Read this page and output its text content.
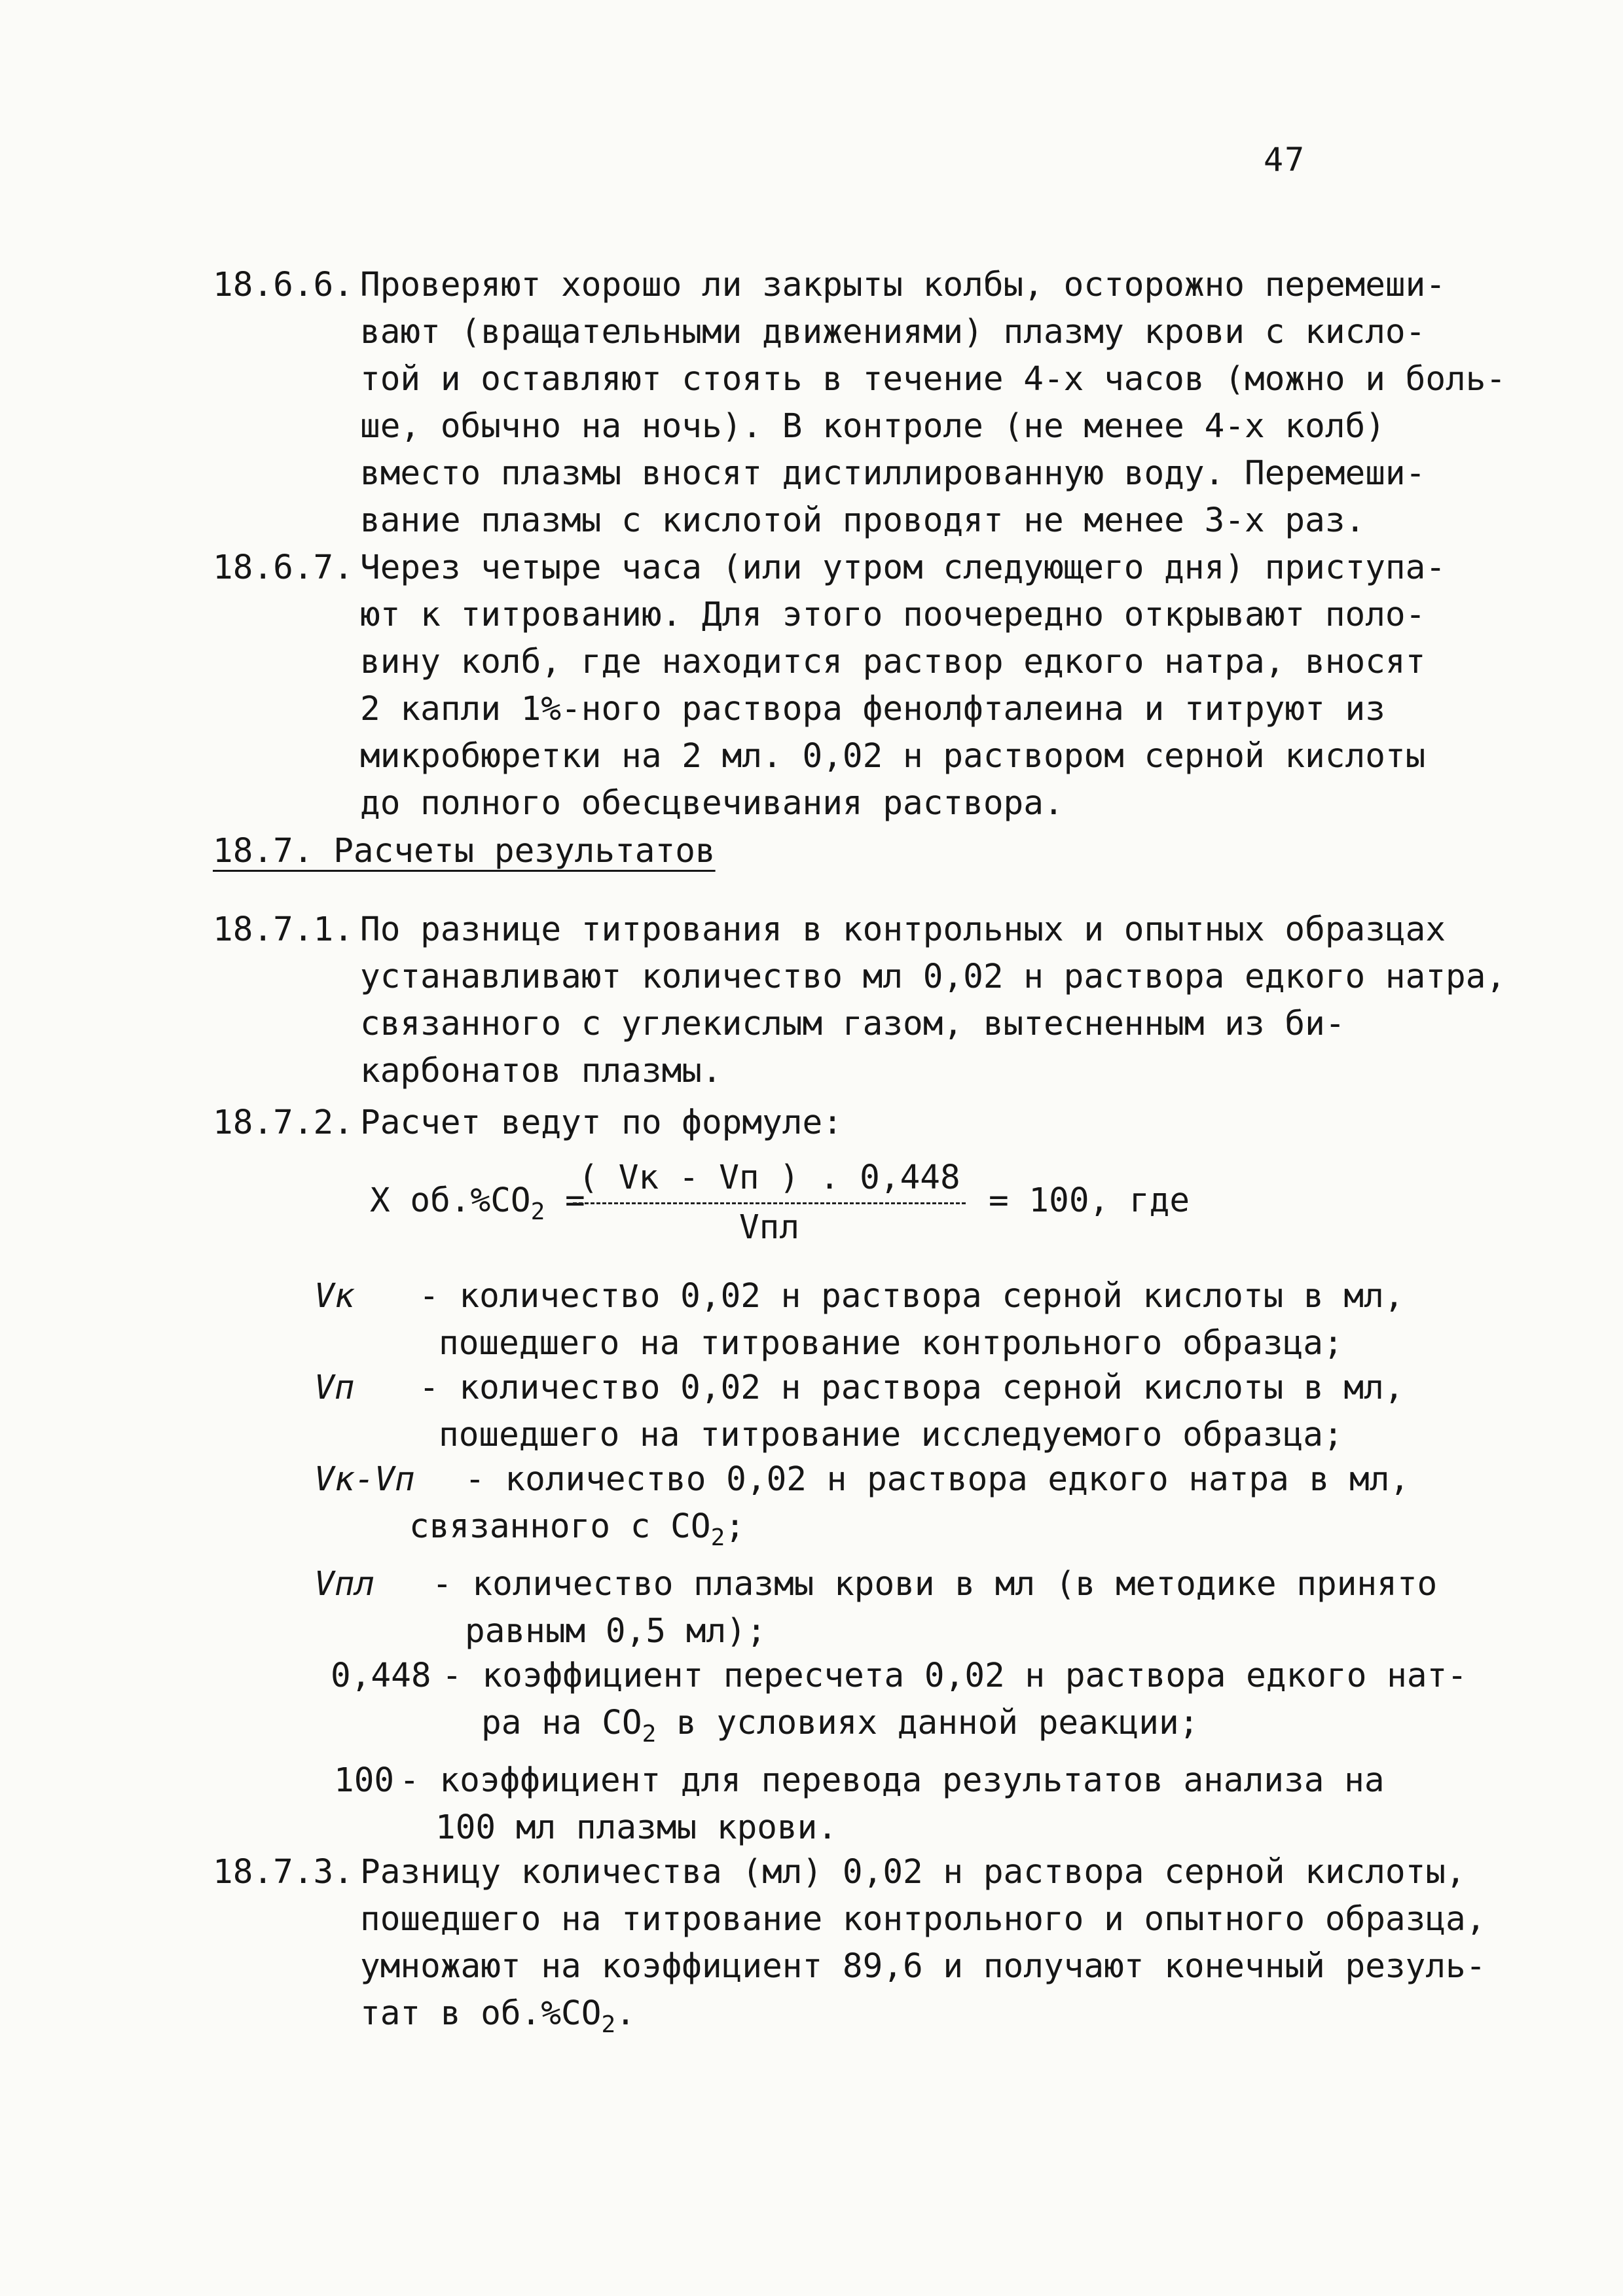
47
18.6.6. Проверяют хорошо ли закрыты колбы, осторожно перемеши-
вают (вращательными движениями) плазму крови с кисло-
той и оставляют стоять в течение 4-х часов (можно и боль-
ше, обычно на ночь). В контроле (не менее 4-х колб)
вместо плазмы вносят дистиллированную воду. Перемеши-
вание плазмы с кислотой проводят не менее 3-х раз.
18.6.7. Через четыре часа (или утром следующего дня) приступа-
ют к титрованию. Для этого поочередно открывают поло-
вину колб, где находится раствор едкого натра, вносят
2 капли 1%-ного раствора фенолфталеина и титруют из
микробюретки на 2 мл. 0,02 н раствором серной кислоты
до полного обесцвечивания раствора.
18.7. Расчеты результатов
18.7.1. По разнице титрования в контрольных и опытных образцах
устанавливают количество мл 0,02 н раствора едкого натра,
связанного с углекислым газом, вытесненным из би-
карбонатов плазмы.
18.7.2. Расчет ведут по формуле:
X $об.\%CO_2$ =
( Vк - Vп ) . 0,448
Vпл
= 100, где
Vк - количество 0,02 н раствора серной кислоты в мл,
пошедшего на титрование контрольного образца;
Vп - количество 0,02 н раствора серной кислоты в мл,
пошедшего на титрование исследуемого образца;
Vк-Vп - количество 0,02 н раствора едкого натра в мл,
связанного с $CO_2$;
Vпл - количество плазмы крови в мл (в методике принято
равным 0,5 мл);
0,448 - коэффициент пересчета 0,02 н раствора едкого нат-
ра на $CO_2$ в условиях данной реакции;
100 - коэффициент для перевода результатов анализа на
100 мл плазмы крови.
18.7.3. Разницу количества (мл) 0,02 н раствора серной кислоты,
пошедшего на титрование контрольного и опытного образца,
умножают на коэффициент 89,6 и получают конечный резуль-
тат в $об.\%CO_2$.
